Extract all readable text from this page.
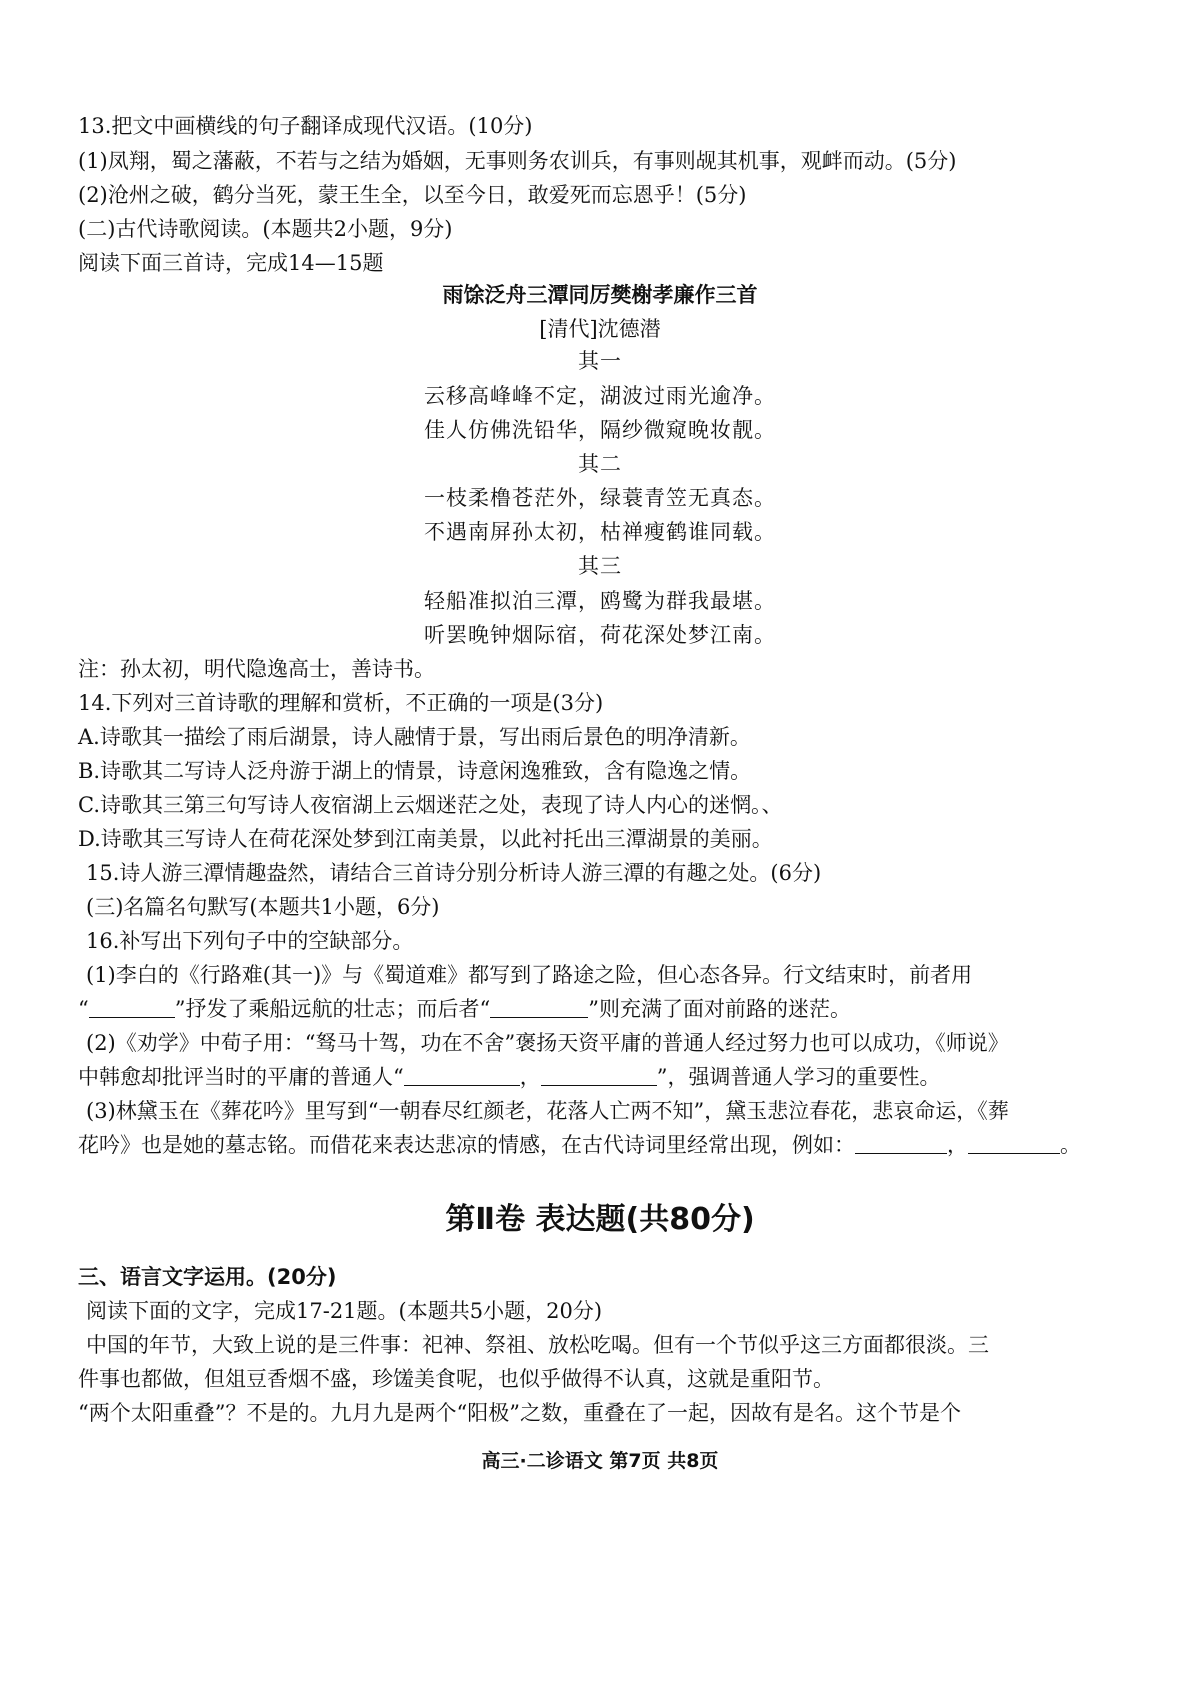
13.把文中画横线的句子翻译成现代汉语。(10分)
(1)凤翔，蜀之藩蔽，不若与之结为婚姻，无事则务农训兵，有事则觇其机事，观衅而动。(5分)
(2)沧州之破，鹤分当死，蒙王生全，以至今日，敢爱死而忘恩乎！(5分)
(二)古代诗歌阅读。(本题共2小题，9分)
阅读下面三首诗，完成14—15题
雨馀泛舟三潭同厉樊榭孝廉作三首
[清代]沈德潜
其一
云移高峰峰不定，湖波过雨光逾净。
佳人仿佛洗铅华，隔纱微窥晚妆靓。
其二
一枝柔橹苍茫外，绿蓑青笠无真态。
不遇南屏孙太初，枯禅瘦鹤谁同载。
其三
轻船准拟泊三潭，鸥鹭为群我最堪。
听罢晚钟烟际宿，荷花深处梦江南。
注：孙太初，明代隐逸高士，善诗书。
14.下列对三首诗歌的理解和赏析，不正确的一项是(3分)
A.诗歌其一描绘了雨后湖景，诗人融情于景，写出雨后景色的明净清新。
B.诗歌其二写诗人泛舟游于湖上的情景，诗意闲逸雅致，含有隐逸之情。
C.诗歌其三第三句写诗人夜宿湖上云烟迷茫之处，表现了诗人内心的迷惘。、
D.诗歌其三写诗人在荷花深处梦到江南美景，以此衬托出三潭湖景的美丽。
15.诗人游三潭情趣盎然，请结合三首诗分别分析诗人游三潭的有趣之处。(6分)
(三)名篇名句默写(本题共1小题，6分)
16.补写出下列句子中的空缺部分。
(1)李白的《行路难(其一)》与《蜀道难》都写到了路途之险，但心态各异。行文结束时，前者用
“	”抒发了乘船远航的壮志；而后者“	”则充满了面对前路的迷茫。
(2)《劝学》中荀子用：“驽马十驾，功在不舍”褒扬天资平庸的普通人经过努力也可以成功，《师说》
中韩愈却批评当时的平庸的普通人“	，	”，强调普通人学习的重要性。
(3)林黛玉在《葬花吟》里写到“一朝春尽红颜老，花落人亡两不知”，黛玉悲泣春花，悲哀命运，《葬
花吟》也是她的墓志铭。而借花来表达悲凉的情感，在古代诗词里经常出现，例如：	，	。
第Ⅱ卷 表达题(共80分)
三、语言文字运用。(20分)
阅读下面的文字，完成17-21题。(本题共5小题，20分)
中国的年节，大致上说的是三件事：祀神、祭祖、放松吃喝。但有一个节似乎这三方面都很淡。三
件事也都做，但俎豆香烟不盛，珍馐美食呢，也似乎做得不认真，这就是重阳节。
“两个太阳重叠”？不是的。九月九是两个“阳极”之数，重叠在了一起，因故有是名。这个节是个
高三·二诊语文 第7页 共8页
